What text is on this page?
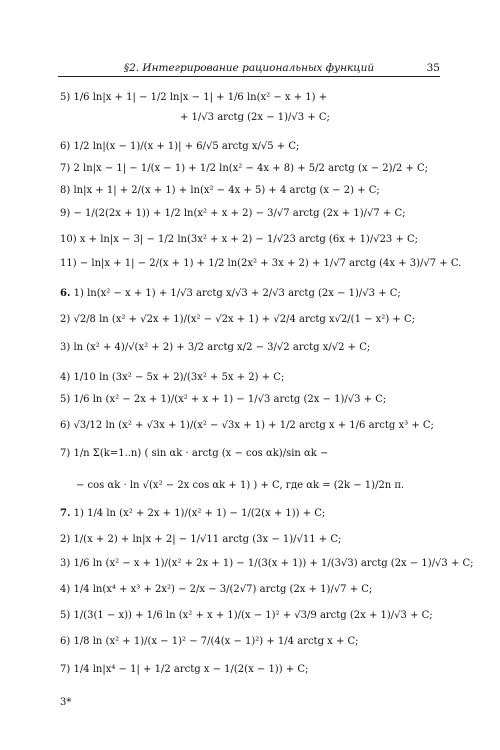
§2. Интегрирование рациональных функций	35
5) 1/6 ln|x + 1| − 1/2 ln|x − 1| + 1/6 ln(x² − x + 1) +
+ 1/√3 arctg (2x − 1)/√3 + C;
6) 1/2 ln|(x − 1)/(x + 1)| + 6/√5 arctg x/√5 + C;
7) 2 ln|x − 1| − 1/(x − 1) + 1/2 ln(x² − 4x + 8) + 5/2 arctg (x − 2)/2 + C;
8) ln|x + 1| + 2/(x + 1) + ln(x² − 4x + 5) + 4 arctg (x − 2) + C;
9) − 1/(2(2x + 1)) + 1/2 ln(x² + x + 2) − 3/√7 arctg (2x + 1)/√7 + C;
10) x + ln|x − 3| − 1/2 ln(3x² + x + 2) − 1/√23 arctg (6x + 1)/√23 + C;
11) − ln|x + 1| − 2/(x + 1) + 1/2 ln(2x² + 3x + 2) + 1/√7 arctg (4x + 3)/√7 + C.
6. 1) ln(x² − x + 1) + 1/√3 arctg x/√3 + 2/√3 arctg (2x − 1)/√3 + C;
2) √2/8 ln (x² + √2x + 1)/(x² − √2x + 1) + √2/4 arctg x√2/(1 − x²) + C;
3) ln (x² + 4)/√(x² + 2) + 3/2 arctg x/2 − 3/√2 arctg x/√2 + C;
4) 1/10 ln (3x² − 5x + 2)/(3x² + 5x + 2) + C;
5) 1/6 ln (x² − 2x + 1)/(x² + x + 1) − 1/√3 arctg (2x − 1)/√3 + C;
6) √3/12 ln (x² + √3x + 1)/(x² − √3x + 1) + 1/2 arctg x + 1/6 arctg x³ + C;
7) 1/n Σ(k=1..n) ( sin αk · arctg (x − cos αk)/sin αk −
− cos αk · ln √(x² − 2x cos αk + 1) ) + C, где αk = (2k − 1)/2n π.
7. 1) 1/4 ln (x² + 2x + 1)/(x² + 1) − 1/(2(x + 1)) + C;
2) 1/(x + 2) + ln|x + 2| − 1/√11 arctg (3x − 1)/√11 + C;
3) 1/6 ln (x² − x + 1)/(x² + 2x + 1) − 1/(3(x + 1)) + 1/(3√3) arctg (2x − 1)/√3 + C;
4) 1/4 ln(x⁴ + x³ + 2x²) − 2/x − 3/(2√7) arctg (2x + 1)/√7 + C;
5) 1/(3(1 − x)) + 1/6 ln (x² + x + 1)/(x − 1)² + √3/9 arctg (2x + 1)/√3 + C;
6) 1/8 ln (x² + 1)/(x − 1)² − 7/(4(x − 1)²) + 1/4 arctg x + C;
7) 1/4 ln|x⁴ − 1| + 1/2 arctg x − 1/(2(x − 1)) + C;
3*
